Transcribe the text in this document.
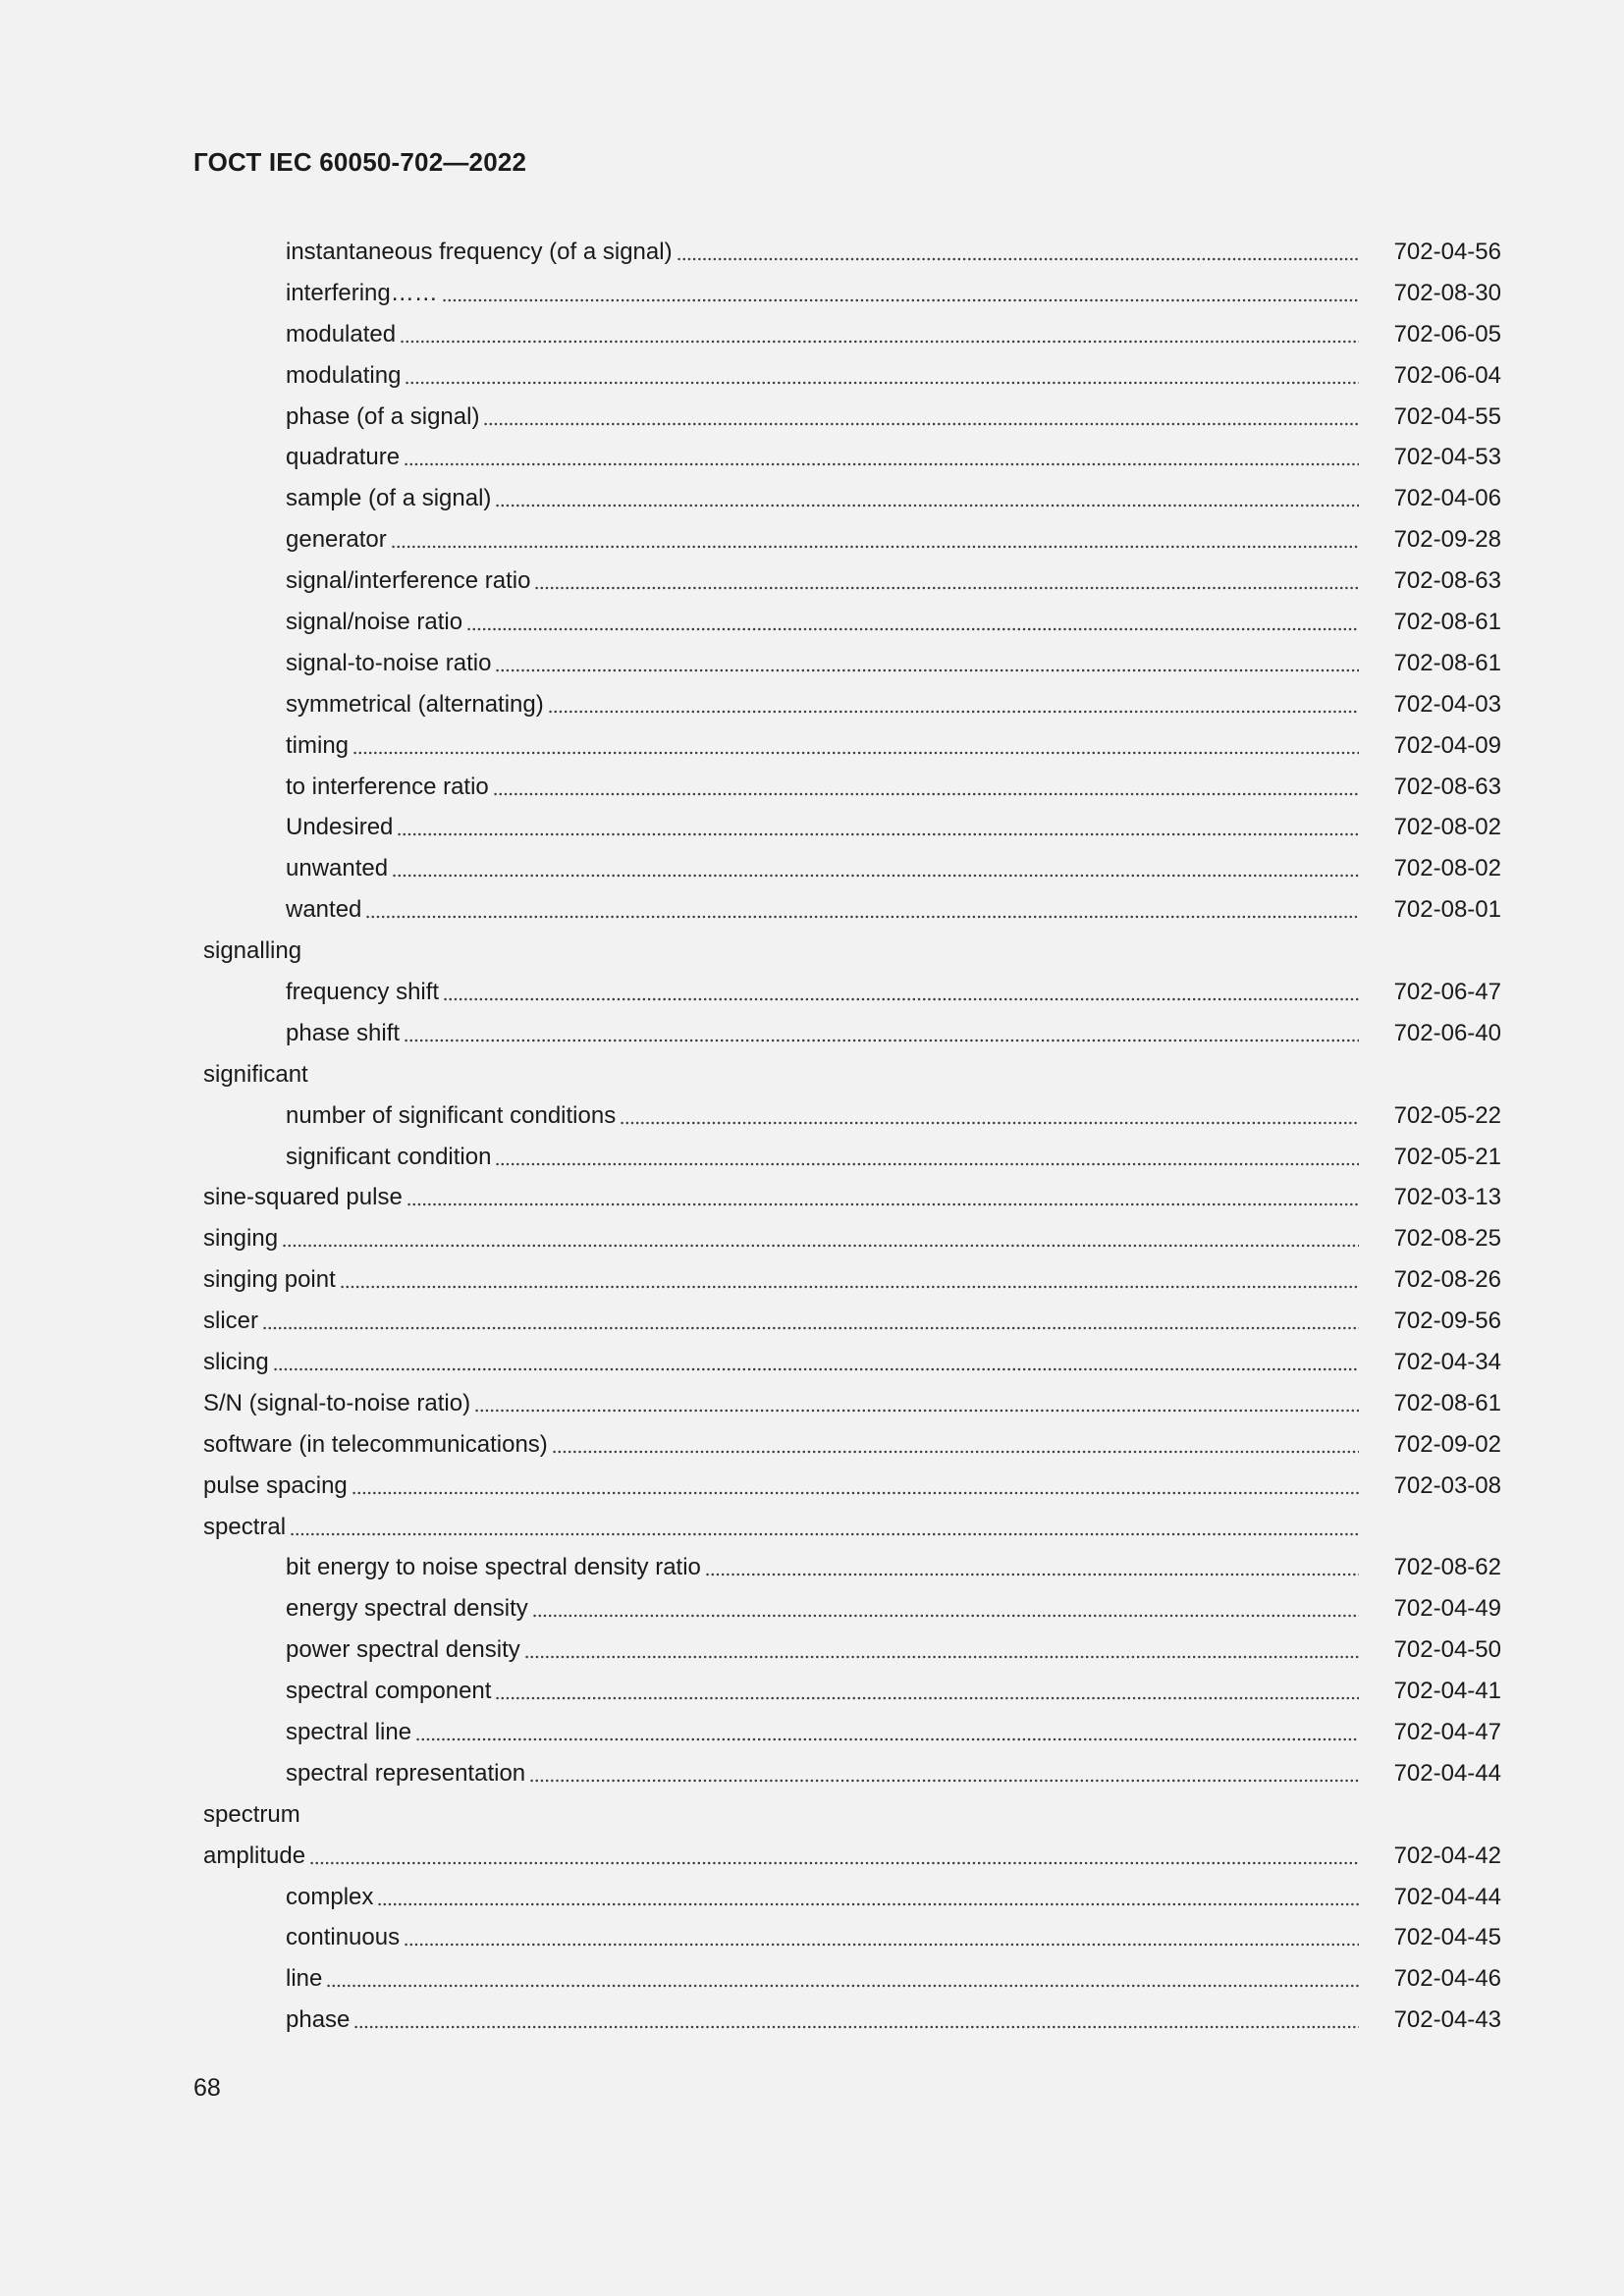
ГОСТ IEC 60050-702—2022
instantaneous frequency (of a signal)	702-04-56
interfering……	702-08-30
modulated	702-06-05
modulating	702-06-04
phase (of a signal)	702-04-55
quadrature	702-04-53
sample (of a signal)	702-04-06
generator	702-09-28
signal/interference ratio	702-08-63
signal/noise ratio	702-08-61
signal-to-noise ratio	702-08-61
symmetrical (alternating)	702-04-03
timing	702-04-09
to interference ratio	702-08-63
Undesired	702-08-02
unwanted	702-08-02
wanted	702-08-01
signalling
frequency shift	702-06-47
phase shift	702-06-40
significant
number of significant conditions	702-05-22
significant condition	702-05-21
sine-squared pulse	702-03-13
singing	702-08-25
singing point	702-08-26
slicer	702-09-56
slicing	702-04-34
S/N (signal-to-noise ratio)	702-08-61
software (in telecommunications)	702-09-02
pulse spacing	702-03-08
spectral
bit energy to noise spectral density ratio	702-08-62
energy spectral density	702-04-49
power spectral density	702-04-50
spectral component	702-04-41
spectral line	702-04-47
spectral representation	702-04-44
spectrum
amplitude	702-04-42
complex	702-04-44
continuous	702-04-45
line	702-04-46
phase	702-04-43
68
